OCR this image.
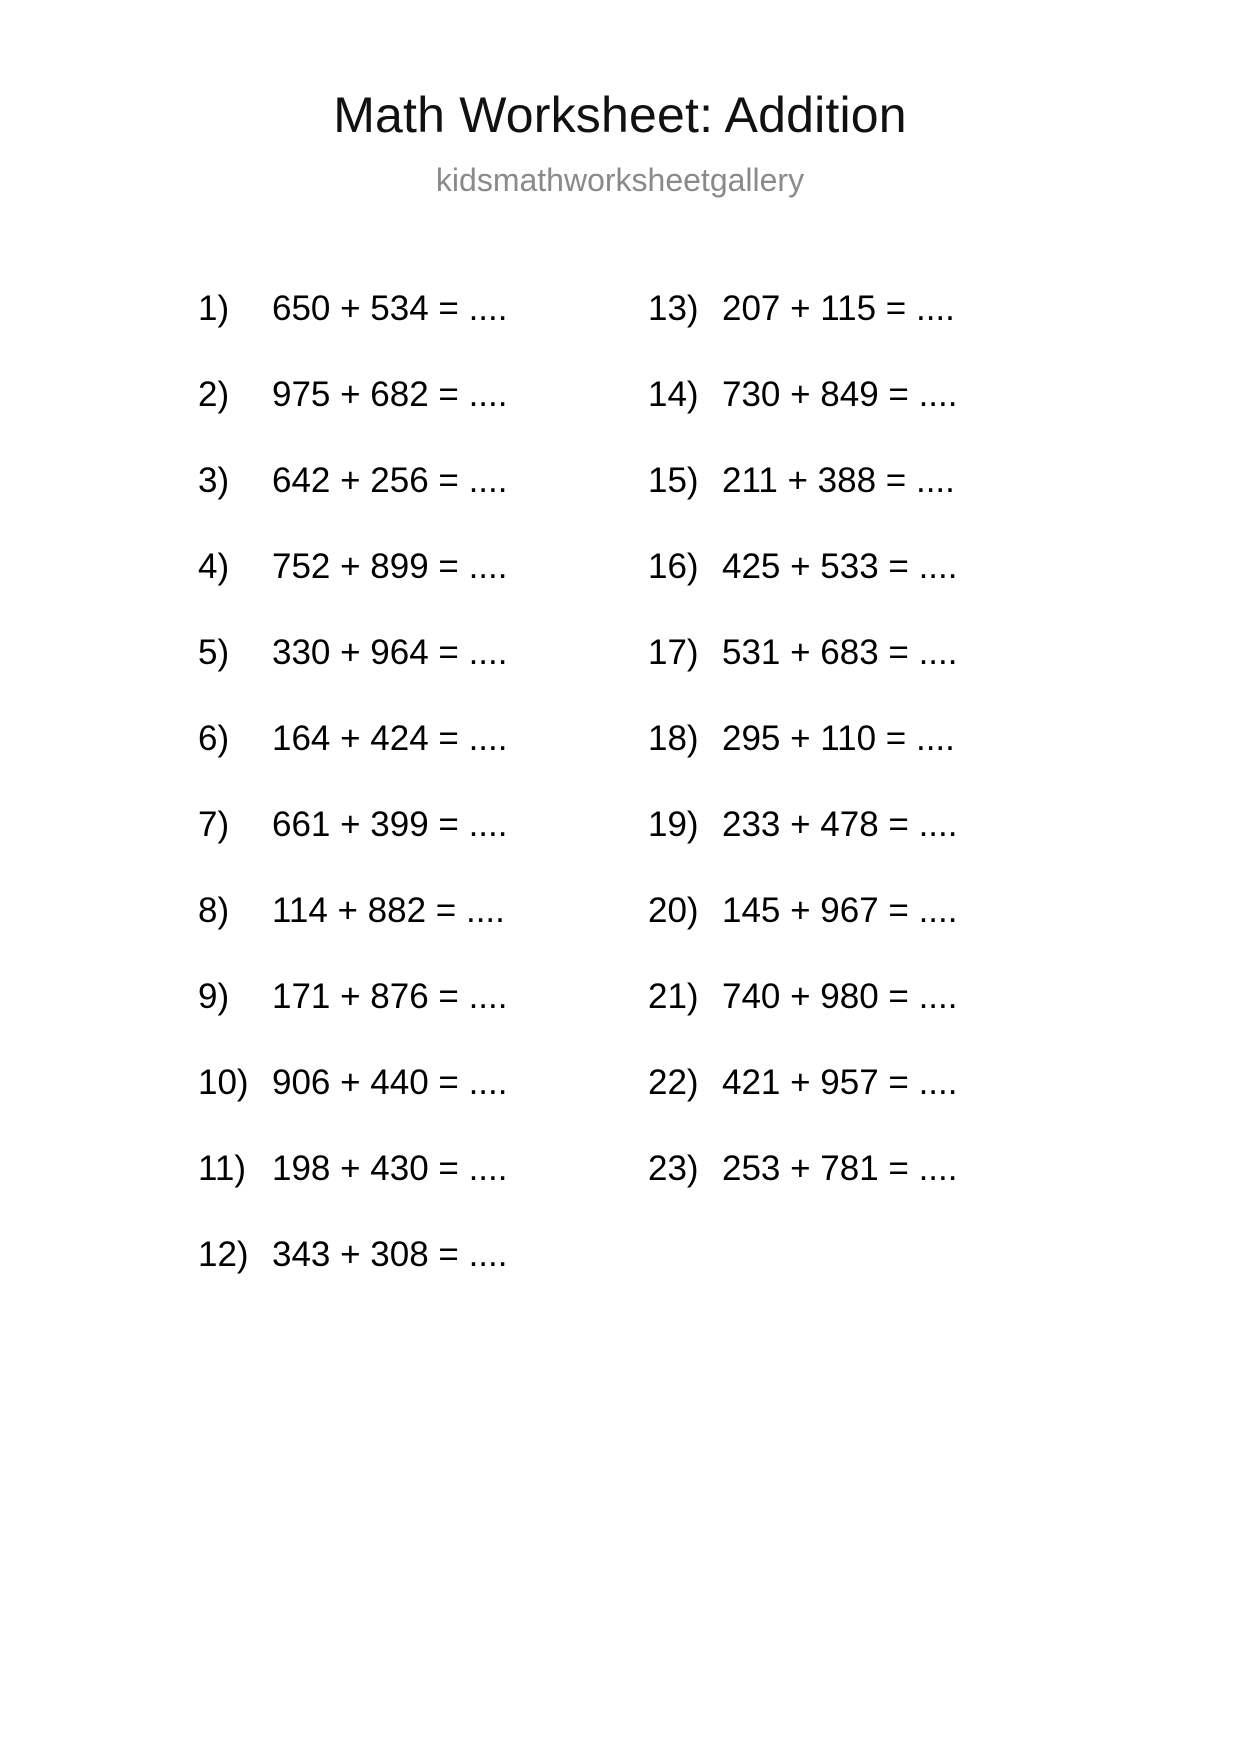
Math Worksheet: Addition
kidsmathworksheetgallery
1)	650 + 534 = ....
2)	975 + 682 = ....
3)	642 + 256 = ....
4)	752 + 899 = ....
5)	330 + 964 = ....
6)	164 + 424 = ....
7)	661 + 399 = ....
8)	114 + 882 = ....
9)	171 + 876 = ....
10) 906 + 440 = ....
11) 198 + 430 = ....
12) 343 + 308 = ....
13) 207 + 115 = ....
14) 730 + 849 = ....
15) 211 + 388 = ....
16) 425 + 533 = ....
17) 531 + 683 = ....
18) 295 + 110 = ....
19) 233 + 478 = ....
20) 145 + 967 = ....
21) 740 + 980 = ....
22) 421 + 957 = ....
23) 253 + 781 = ....
